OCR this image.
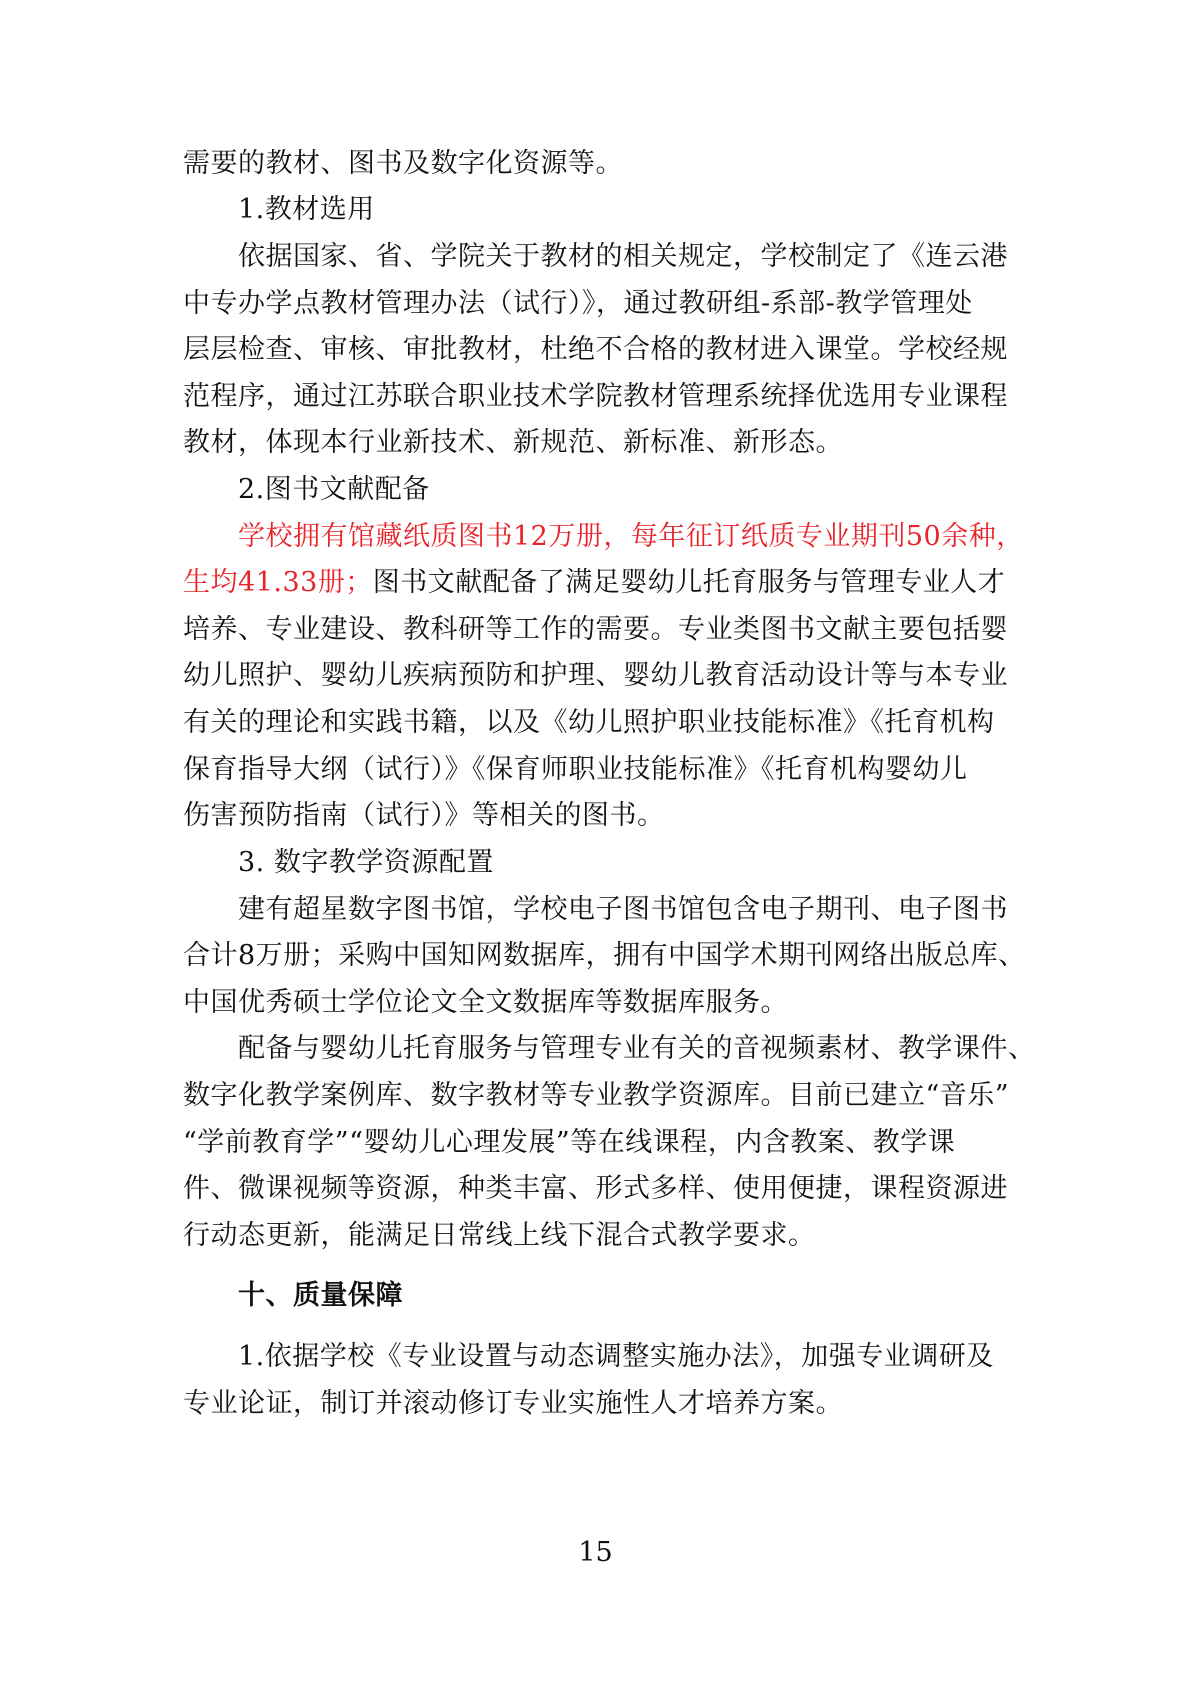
需要的教材、图书及数字化资源等。
1.教材选用
依据国家、省、学院关于教材的相关规定，学校制定了《连云港
中专办学点教材管理办法（试行）》，通过教研组-系部-教学管理处
层层检查、审核、审批教材，杜绝不合格的教材进入课堂。学校经规
范程序，通过江苏联合职业技术学院教材管理系统择优选用专业课程
教材，体现本行业新技术、新规范、新标准、新形态。
2.图书文献配备
学校拥有馆藏纸质图书12万册，每年征订纸质专业期刊50余种，
生均41.33册；图书文献配备了满足婴幼儿托育服务与管理专业人才
培养、专业建设、教科研等工作的需要。专业类图书文献主要包括婴
幼儿照护、婴幼儿疾病预防和护理、婴幼儿教育活动设计等与本专业
有关的理论和实践书籍，以及《幼儿照护职业技能标准》《托育机构
保育指导大纲（试行）》《保育师职业技能标准》《托育机构婴幼儿
伤害预防指南（试行）》等相关的图书。
3. 数字教学资源配置
建有超星数字图书馆，学校电子图书馆包含电子期刊、电子图书
合计8万册；采购中国知网数据库，拥有中国学术期刊网络出版总库、
中国优秀硕士学位论文全文数据库等数据库服务。
配备与婴幼儿托育服务与管理专业有关的音视频素材、教学课件、
数字化教学案例库、数字教材等专业教学资源库。目前已建立“音乐”
“学前教育学”“婴幼儿心理发展”等在线课程，内含教案、教学课
件、微课视频等资源，种类丰富、形式多样、使用便捷，课程资源进
行动态更新，能满足日常线上线下混合式教学要求。
十、质量保障
1.依据学校《专业设置与动态调整实施办法》，加强专业调研及
专业论证，制订并滚动修订专业实施性人才培养方案。
15
